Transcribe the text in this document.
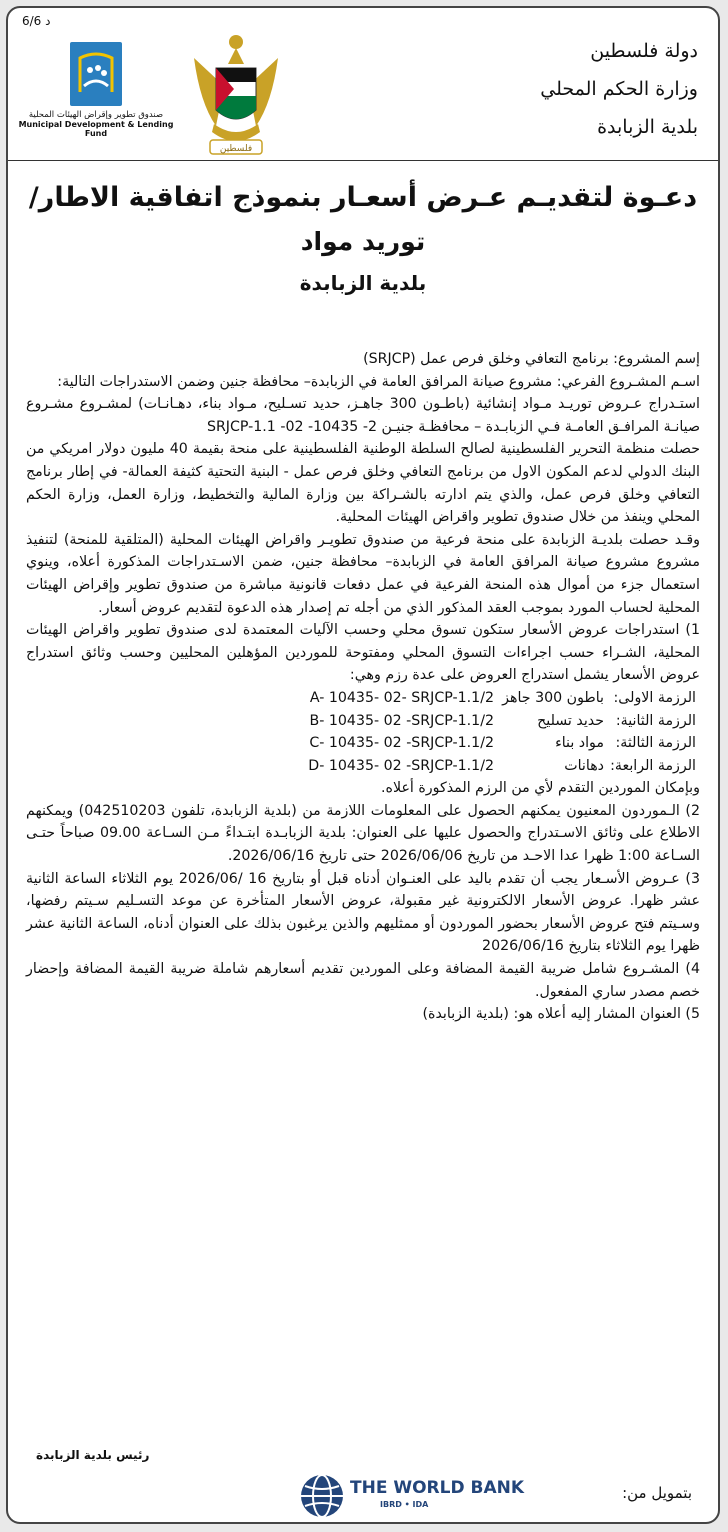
6/6 د
دولة فلسطين
وزارة الحكم المحلي
بلدية الزبابدة
فلسطين
صندوق تطوير وإقراض الهيئات المحلية
Municipal Development & Lending Fund
دعـوة لتقديـم عـرض أسعـار بنموذج اتفاقية الاطار/
توريد مواد
بلدية الزبابدة

إسم المشروع: برنامج التعافي وخلق فرص عمل (SRJCP)

اسـم المشـروع الفرعي: مشروع صيانة المرافق العامة في الزبابدة– محافظة جنين وضمن الاستدراجات التالية:

استـدراج عـروض توريـد مـواد إنشائية (باطـون 300 جاهـز، حديد تسـليح، مـواد بناء، دهـانـات) لمشـروع مشـروع صيانـة المرافـق العامـة فـي الزبابـدة – محافظـة جنيـن 2- 10435- 02- SRJCP-1.1

حصلت منظمة التحرير الفلسطينية لصالح السلطة الوطنية الفلسطينية على منحة بقيمة 40 مليون دولار امريكي من البنك الدولي لدعم المكون الاول من برنامج التعافي وخلق فرص عمل - البنية التحتية كثيفة العمالة- في إطار برنامج التعافي وخلق فرص عمل، والذي يتم ادارته بالشـراكة بين وزارة المالية والتخطيط، وزارة العمل، وزارة الحكم المحلي وينفذ من خلال صندوق تطوير واقراض الهيئات المحلية.

وقـد حصلت بلديـة الزبابدة على منحة فرعية من صندوق تطويـر واقراض الهيئات المحلية (المتلقية للمنحة) لتنفيذ مشروع مشروع صيانة المرافق العامة في الزبابدة– محافظة جنين، ضمن الاسـتدراجات المذكورة أعلاه، وينوي استعمال جزء من أموال هذه المنحة الفرعية في عمل دفعات قانونية مباشرة من صندوق تطوير وإقراض الهيئات المحلية لحساب المورد بموجب العقد المذكور الذي من أجله تم إصدار هذه الدعوة لتقديم عروض أسعار.

1) استدراجات عروض الأسعار ستكون تسوق محلي وحسب الآليات المعتمدة لدى صندوق تطوير واقراض الهيئات المحلية، الشـراء حسب اجراءات التسوق المحلي ومفتوحة للموردين المؤهلين المحليين وحسب وثائق استدراج عروض الأسعار يشمل استدراج العروض على عدة رزم وهي:

الرزمة الاولى:
باطون 300 جاهز
2/A- 10435- 02- SRJCP-1.1
الرزمة الثانية:
حديد تسليح
2/B- 10435- 02 -SRJCP-1.1
الرزمة الثالثة:
مواد بناء
2/C- 10435- 02 -SRJCP-1.1
الرزمة الرابعة:
دهانات
2/D- 10435- 02 -SRJCP-1.1

وبإمكان الموردين التقدم لأي من الرزم المذكورة أعلاه.

2) الـموردون المعنيون يمكنهم الحصول على المعلومات اللازمة من (بلدية الزبابدة، تلفون 042510203) ويمكنهم الاطلاع على وثائق الاسـتدراج والحصول عليها على العنوان: بلدية الزبابـدة ابتـداءً مـن السـاعة 09.00 صباحاً حتـى السـاعة 1:00 ظهرا عدا الاحـد من تاريخ 2026/06/06 حتى تاريخ 2026/06/16.

3) عـروض الأسـعار يجب أن تقدم باليد على العنـوان أدناه قبل أو بتاريخ 16 /2026/06 يوم الثلاثاء الساعة الثانية عشر ظهرا. عروض الأسعار الالكترونية غير مقبولة، عروض الأسعار المتأخرة عن موعد التسـليم سـيتم رفضها، وسـيتم فتح عروض الأسعار بحضور الموردون أو ممثليهم والذين يرغبون بذلك على العنوان أدناه، الساعة الثانية عشر ظهرا يوم الثلاثاء بتاريخ 2026/06/16

4) المشـروع شامل ضريبة القيمة المضافة وعلى الموردين تقديم أسعارهم شاملة ضريبة القيمة المضافة وإحضار خصم مصدر ساري المفعول.

5) العنوان المشار إليه أعلاه هو: (بلدية الزبابدة)

رئيس بلدية الزبابدة
بتمويل من:
THE WORLD BANK
IBRD • IDA
